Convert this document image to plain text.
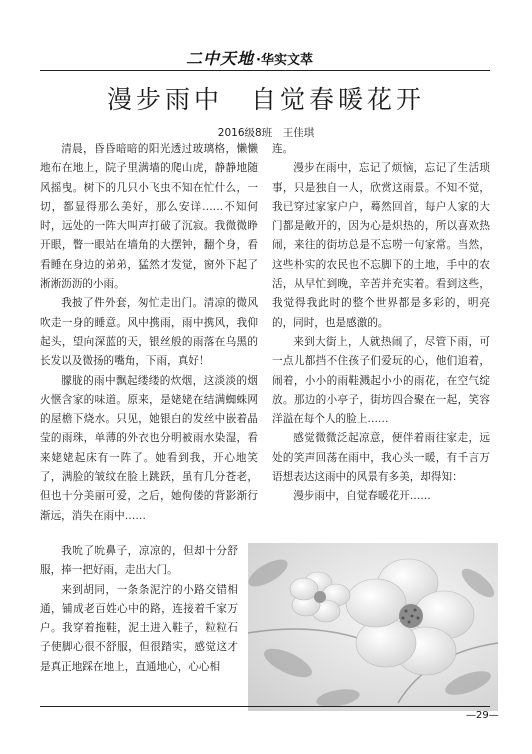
二中天地 ·华实文萃
漫步雨中 自觉春暖花开
2016级8班　王佳琪

清晨，昏昏暗暗的阳光透过玻璃格，懒懒地布在地上，院子里满墙的爬山虎，静静地随风摇曳。树下的几只小飞虫不知在忙什么，一切，都显得那么美好，那么安详……不知何时，远处的一阵大叫声打破了沉寂。我微微睁开眼，瞥一眼站在墙角的大摆钟，翻个身，看看睡在身边的弟弟，猛然才发觉，窗外下起了淅淅沥沥的小雨。

我披了件外套，匆忙走出门。清凉的微风吹走一身的睡意。风中携雨，雨中携风，我仰起头，望向深蓝的天，银丝般的雨落在乌黑的长发以及微扬的嘴角，下雨，真好！

朦胧的雨中飘起缕缕的炊烟，这淡淡的烟火惬含家的味道。原来，是姥姥在结满蜘蛛网的屋檐下烧水。只见，她银白的发丝中嵌着晶莹的雨珠，单薄的外衣也分明被雨水染湿，看来姥姥起床有一阵了。她看到我，开心地笑了，满脸的皱纹在脸上跳跃，虽有几分苍老，但也十分美丽可爱，之后，她佝偻的背影渐行渐远，消失在雨中……

连。

漫步在雨中，忘记了烦恼，忘记了生活琐事，只是独自一人，欣赏这雨景。不知不觉，我已穿过家家户户，蓦然回首，每户人家的大门都是敞开的，因为心是炽热的，所以喜欢热闹，来往的街坊总是不忘唠一句家常。当然，这些朴实的农民也不忘脚下的土地，手中的农活，从早忙到晚，辛苦并充实着。看到这些，我觉得我此时的整个世界都是多彩的，明亮的，同时，也是感激的。

来到大街上，人就热闹了，尽管下雨，可一点儿都挡不住孩子们爱玩的心，他们追着，闹着，小小的雨鞋溅起小小的雨花，在空气绽放。那边的小亭子，街坊四合聚在一起，笑容洋溢在每个人的脸上……

感觉微微泛起凉意，便伴着雨往家走，远处的笑声回荡在雨中，我心头一暖，有千言万语想表达这雨中的风景有多美，却得知：

漫步雨中，自觉春暖花开……

我吮了吮鼻子，凉凉的，但却十分舒服，捧一把好雨，走出大门。

来到胡同，一条条泥泞的小路交错相通，铺成老百姓心中的路，连接着千家万户。我穿着拖鞋，泥土进入鞋子，粒粒石子使脚心很不舒服，但很踏实，感觉这才是真正地踩在地上，直通地心，心心相

—29—
